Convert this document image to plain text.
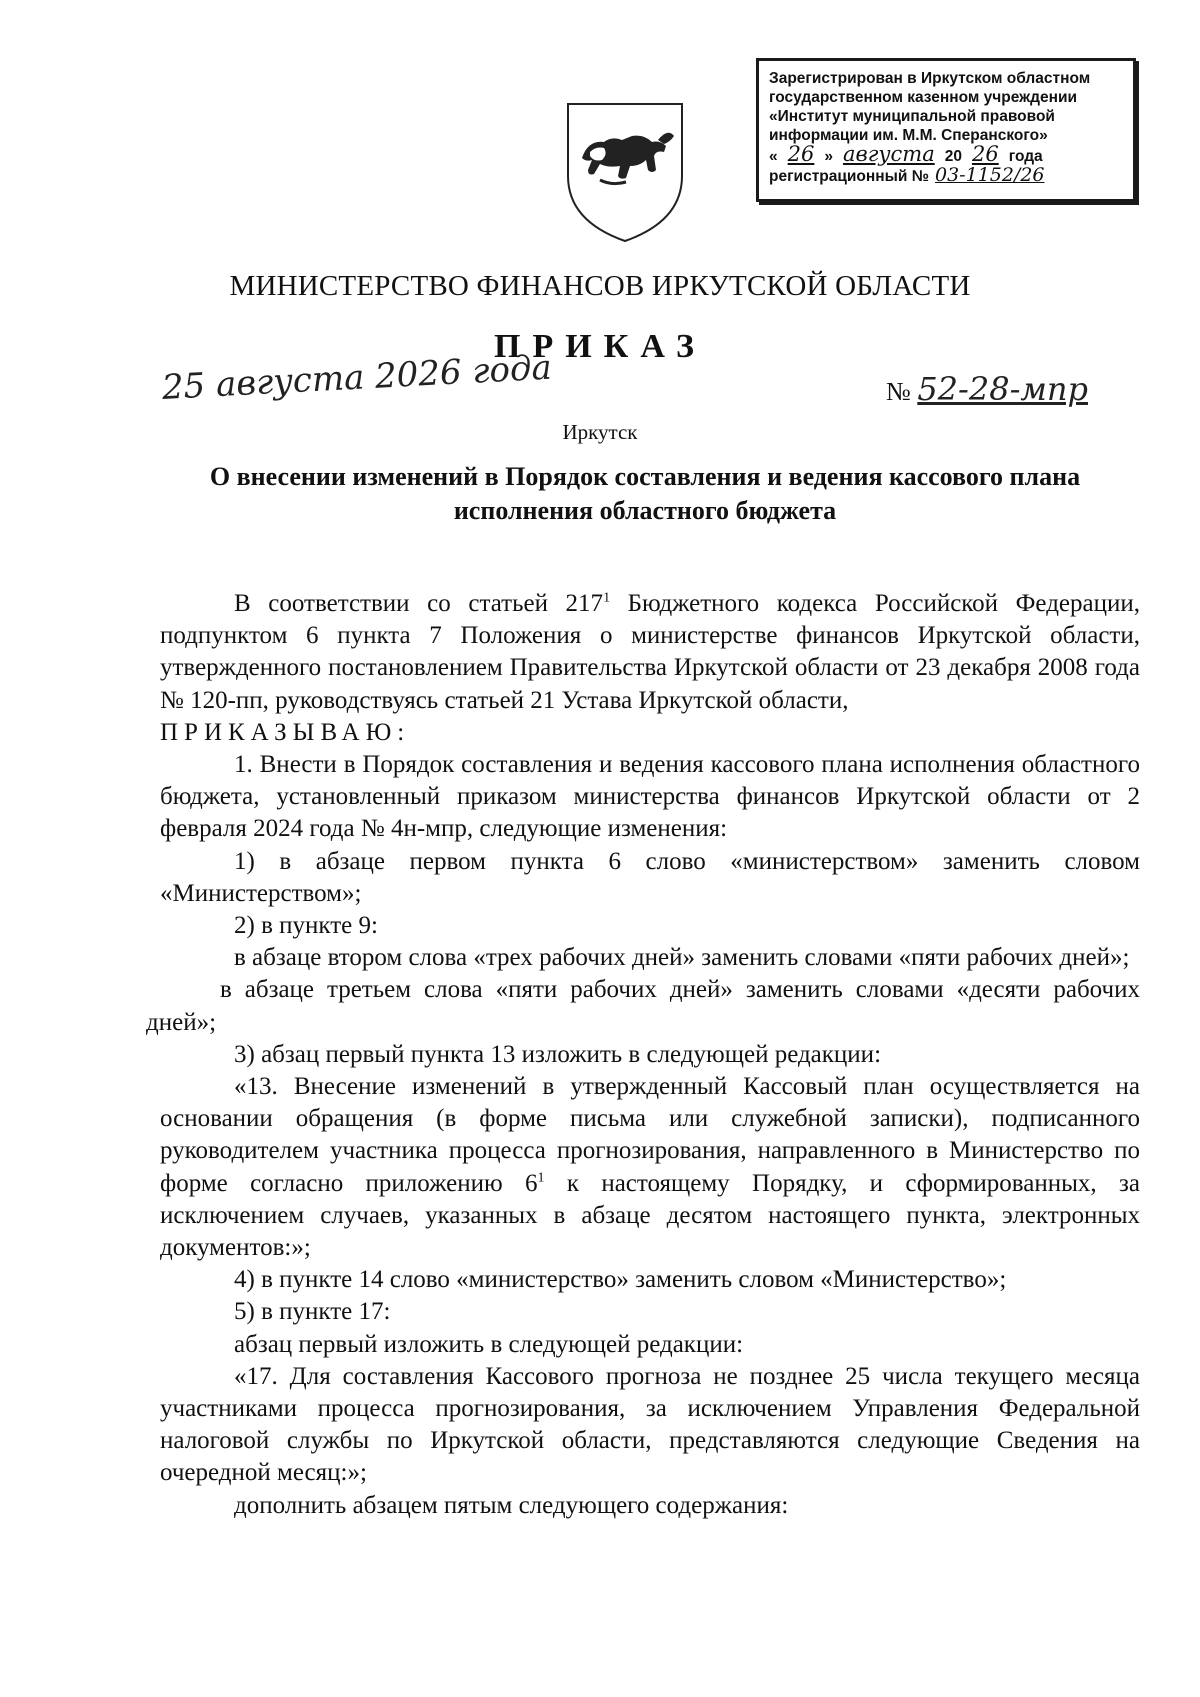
Зарегистрирован в Иркутском областном
государственном казенном учреждении
«Институт муниципальной правовой
информации им. М.М. Сперанского»
« 26 » августа 20 26 года
регистрационный № 03-1152/26
МИНИСТЕРСТВО ФИНАНСОВ ИРКУТСКОЙ ОБЛАСТИ
ПРИКАЗ
25 августа 2026 года	№ 52-28-мпр
Иркутск
О внесении изменений в Порядок составления и ведения кассового плана
исполнения областного бюджета

В соответствии со статьей $217^1$ Бюджетного кодекса Российской Федерации, подпунктом 6 пункта 7 Положения о министерстве финансов Иркутской области, утвержденного постановлением Правительства Иркутской области от 23 декабря 2008 года № 120-пп, руководствуясь статьей 21 Устава Иркутской области,

ПРИКАЗЫВАЮ:

1. Внести в Порядок составления и ведения кассового плана исполнения областного бюджета, установленный приказом министерства финансов Иркутской области от 2 февраля 2024 года № 4н-мпр, следующие изменения:

1) в абзаце первом пункта 6 слово «министерством» заменить словом «Министерством»;

2) в пункте 9:

в абзаце втором слова «трех рабочих дней» заменить словами «пяти рабочих дней»;

в абзаце третьем слова «пяти рабочих дней» заменить словами «десяти рабочих дней»;

3) абзац первый пункта 13 изложить в следующей редакции:

«13. Внесение изменений в утвержденный Кассовый план осуществляется на основании обращения (в форме письма или служебной записки), подписанного руководителем участника процесса прогнозирования, направленного в Министерство по форме согласно приложению $6^1$ к настоящему Порядку, и сформированных, за исключением случаев, указанных в абзаце десятом настоящего пункта, электронных документов:»;

4) в пункте 14 слово «министерство» заменить словом «Министерство»;

5) в пункте 17:

абзац первый изложить в следующей редакции:

«17. Для составления Кассового прогноза не позднее 25 числа текущего месяца участниками процесса прогнозирования, за исключением Управления Федеральной налоговой службы по Иркутской области, представляются следующие Сведения на очередной месяц:»;

дополнить абзацем пятым следующего содержания:
